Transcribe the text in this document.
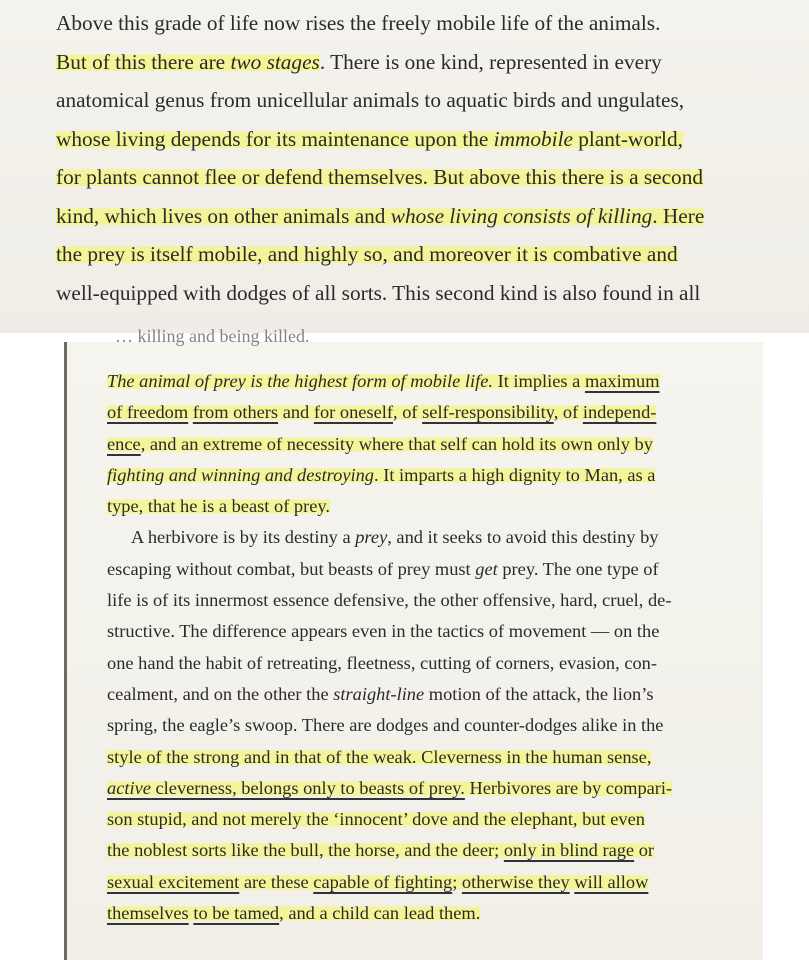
Above this grade of life now rises the freely mobile life of the animals.
But of this there are two stages. There is one kind, represented in every
anatomical genus from unicellular animals to aquatic birds and ungulates,
whose living depends for its maintenance upon the immobile plant-world,
for plants cannot flee or defend themselves. But above this there is a second
kind, which lives on other animals and whose living consists of killing. Here
the prey is itself mobile, and highly so, and moreover it is combative and
well-equipped with dodges of all sorts. This second kind is also found in all
… killing and being killed.
The animal of prey is the highest form of mobile life. It implies a maximum
of freedom from others and for oneself, of self-responsibility, of independ-
ence, and an extreme of necessity where that self can hold its own only by
fighting and winning and destroying. It imparts a high dignity to Man, as a
type, that he is a beast of prey.
A herbivore is by its destiny a prey, and it seeks to avoid this destiny by
escaping without combat, but beasts of prey must get prey. The one type of
life is of its innermost essence defensive, the other offensive, hard, cruel, de-
structive. The difference appears even in the tactics of movement — on the
one hand the habit of retreating, fleetness, cutting of corners, evasion, con-
cealment, and on the other the straight-line motion of the attack, the lion’s
spring, the eagle’s swoop. There are dodges and counter-dodges alike in the
style of the strong and in that of the weak. Cleverness in the human sense,
active cleverness, belongs only to beasts of prey. Herbivores are by compari-
son stupid, and not merely the ‘innocent’ dove and the elephant, but even
the noblest sorts like the bull, the horse, and the deer; only in blind rage or
sexual excitement are these capable of fighting; otherwise they will allow
themselves to be tamed, and a child can lead them.
